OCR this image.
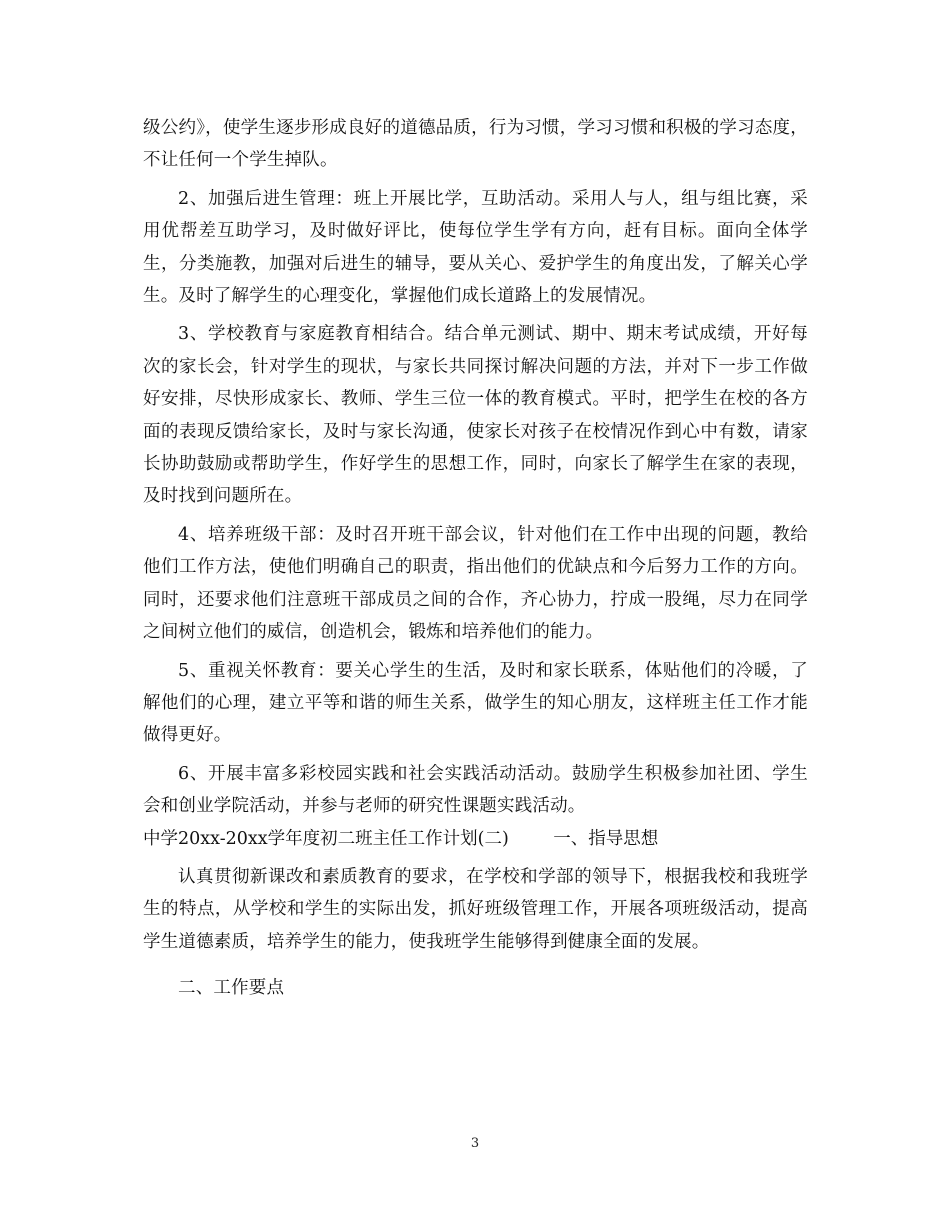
级公约》，使学生逐步形成良好的道德品质，行为习惯，学习习惯和积极的学习态度，不让任何一个学生掉队。

2、加强后进生管理：班上开展比学，互助活动。采用人与人，组与组比赛，采用优帮差互助学习，及时做好评比，使每位学生学有方向，赶有目标。面向全体学生，分类施教，加强对后进生的辅导，要从关心、爱护学生的角度出发，了解关心学生。及时了解学生的心理变化，掌握他们成长道路上的发展情况。

3、学校教育与家庭教育相结合。结合单元测试、期中、期末考试成绩，开好每次的家长会，针对学生的现状，与家长共同探讨解决问题的方法，并对下一步工作做好安排，尽快形成家长、教师、学生三位一体的教育模式。平时，把学生在校的各方面的表现反馈给家长，及时与家长沟通，使家长对孩子在校情况作到心中有数，请家长协助鼓励或帮助学生，作好学生的思想工作，同时，向家长了解学生在家的表现，及时找到问题所在。

4、培养班级干部：及时召开班干部会议，针对他们在工作中出现的问题，教给他们工作方法，使他们明确自己的职责，指出他们的优缺点和今后努力工作的方向。同时，还要求他们注意班干部成员之间的合作，齐心协力，拧成一股绳，尽力在同学之间树立他们的威信，创造机会，锻炼和培养他们的能力。

5、重视关怀教育：要关心学生的生活，及时和家长联系，体贴他们的冷暖，了解他们的心理，建立平等和谐的师生关系，做学生的知心朋友，这样班主任工作才能做得更好。

6、开展丰富多彩校园实践和社会实践活动活动。鼓励学生积极参加社团、学生会和创业学院活动，并参与老师的研究性课题实践活动。

中学20xx-20xx学年度初二班主任工作计划(二)	一、指导思想

认真贯彻新课改和素质教育的要求，在学校和学部的领导下，根据我校和我班学生的特点，从学校和学生的实际出发，抓好班级管理工作，开展各项班级活动，提高学生道德素质，培养学生的能力，使我班学生能够得到健康全面的发展。

二、工作要点

3
